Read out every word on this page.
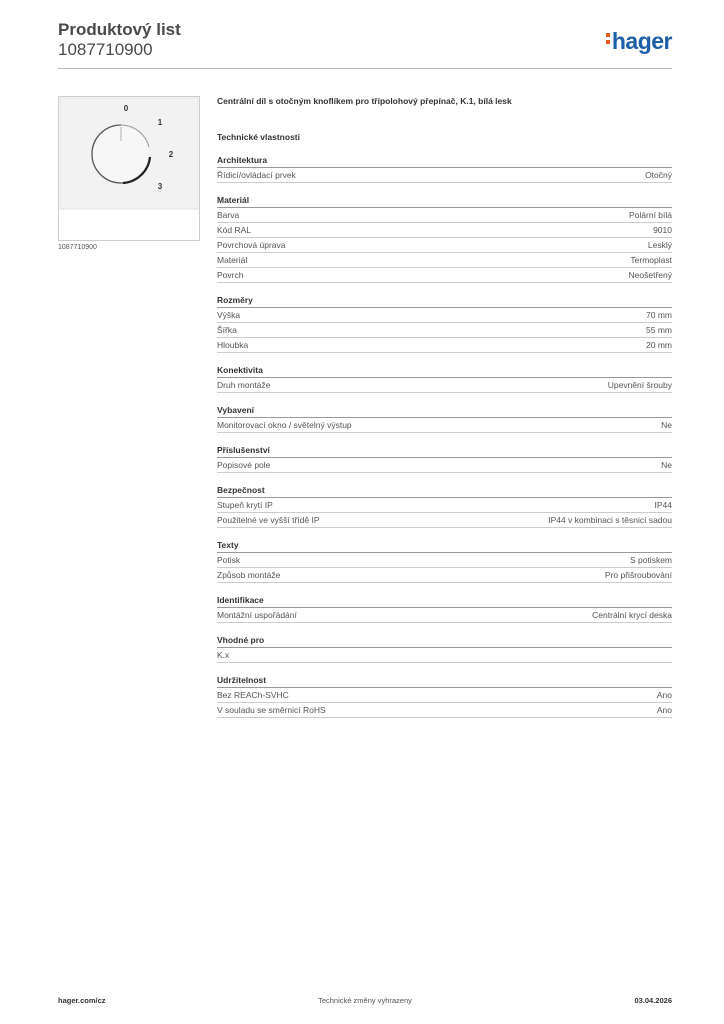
Produktový list
1087710900	hager
0
1
2
3
1087710900
Centrální díl s otočným knoflíkem pro třípolohový přepínač, K.1, bílá lesk
Technické vlastnosti
Architektura
Řídicí/ovládací prvek	Otočný
Materiál
Barva	Polární bílá
Kód RAL	9010
Povrchová úprava	Lesklý
Materiál	Termoplast
Povrch	Neošetřený
Rozměry
Výška	70 mm
Šířka	55 mm
Hloubka	20 mm
Konektivita
Druh montáže	Upevnění šrouby
Vybavení
Monitorovací okno / světelný výstup	Ne
Příslušenství
Popisové pole	Ne
Bezpečnost
Stupeň krytí IP	IP44
Použitelné ve vyšší třídě IP	IP44 v kombinaci s těsnicí sadou
Texty
Potisk	S potiskem
Způsob montáže	Pro přišroubování
Identifikace
Montážní uspořádání	Centrální krycí deska
Vhodné pro
K.x
Udržitelnost
Bez REACh-SVHC	Ano
V souladu se směrnicí RoHS	Ano
hager.com/cz	Technické změny vyhrazeny	03.04.2026
